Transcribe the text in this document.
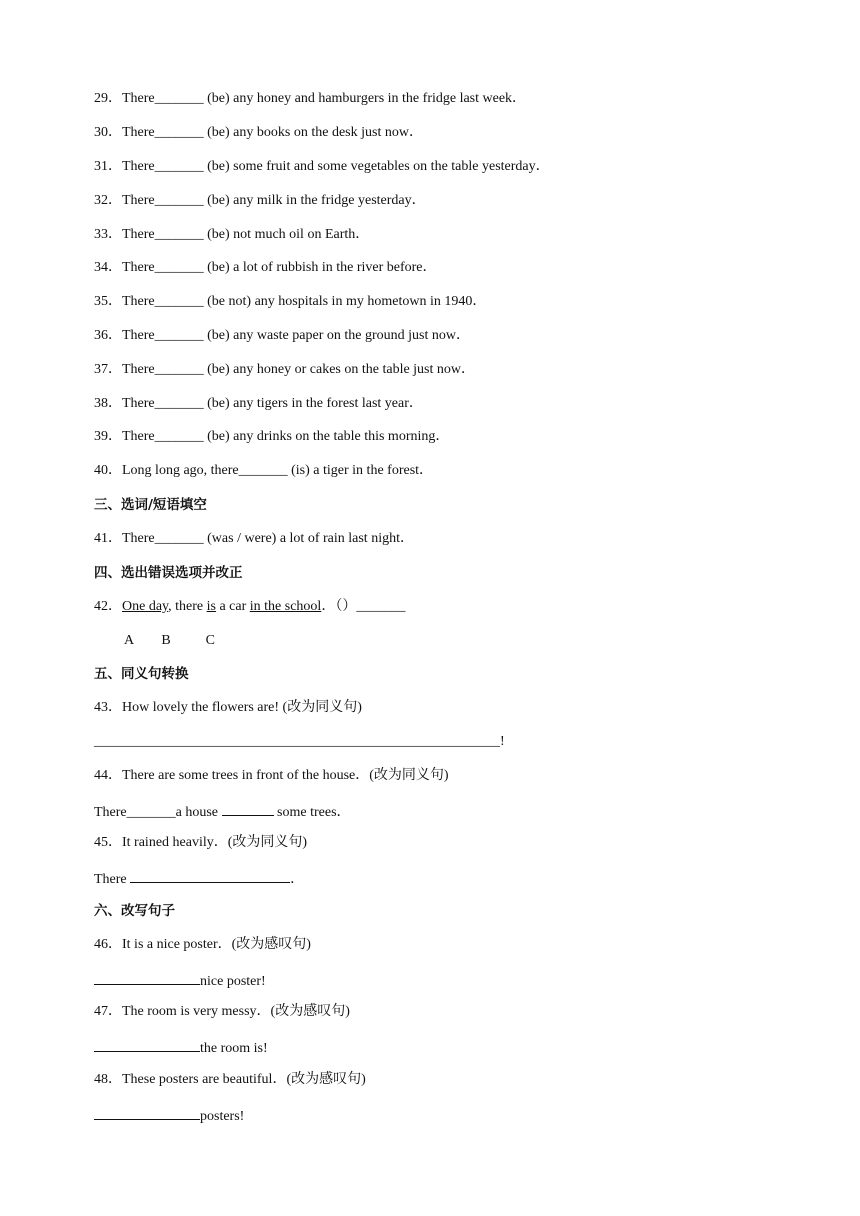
29．There_______ (be) any honey and hamburgers in the fridge last week．
30．There_______ (be) any books on the desk just now．
31．There_______ (be) some fruit and some vegetables on the table yesterday．
32．There_______ (be) any milk in the fridge yesterday．
33．There_______ (be) not much oil on Earth．
34．There_______ (be) a lot of rubbish in the river before．
35．There_______ (be not) any hospitals in my hometown in 1940．
36．There_______ (be) any waste paper on the ground just now．
37．There_______ (be) any honey or cakes on the table just now．
38．There_______ (be) any tigers in the forest last year．
39．There_______ (be) any drinks on the table this morning．
40．Long long ago, there_______ (is) a tiger in the forest．
三、选词/短语填空
41．There_______ (was / were) a lot of rain last night．
四、选出错误选项并改正
42．One day, there is a car in the school．（）_______
A        B          C
五、同义句转换
43．How lovely the flowers are! (改为同义句)
__________________________________________________________!
44．There are some trees in front of the house．(改为同义句)
There_______a house	some trees．
45．It rained heavily．(改为同义句)
There	．
六、改写句子
46．It is a nice poster．(改为感叹句)
nice poster!
47．The room is very messy．(改为感叹句)
the room is!
48．These posters are beautiful．(改为感叹句)
posters!
